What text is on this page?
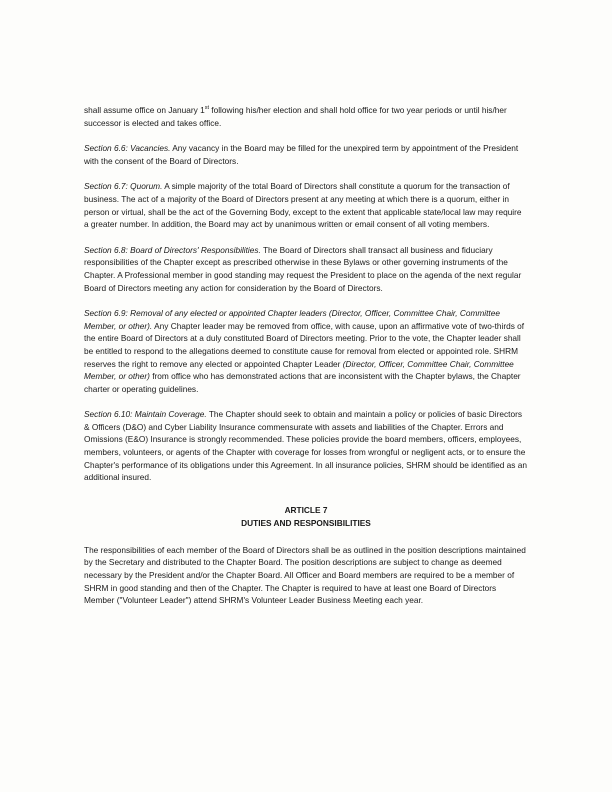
shall assume office on January 1st following his/her election and shall hold office for two year periods or until his/her successor is elected and takes office.

Section 6.6: Vacancies. Any vacancy in the Board may be filled for the unexpired term by appointment of the President with the consent of the Board of Directors.

Section 6.7: Quorum. A simple majority of the total Board of Directors shall constitute a quorum for the transaction of business. The act of a majority of the Board of Directors present at any meeting at which there is a quorum, either in person or virtual, shall be the act of the Governing Body, except to the extent that applicable state/local law may require a greater number. In addition, the Board may act by unanimous written or email consent of all voting members.

Section 6.8: Board of Directors' Responsibilities. The Board of Directors shall transact all business and fiduciary responsibilities of the Chapter except as prescribed otherwise in these Bylaws or other governing instruments of the Chapter. A Professional member in good standing may request the President to place on the agenda of the next regular Board of Directors meeting any action for consideration by the Board of Directors.

Section 6.9: Removal of any elected or appointed Chapter leaders (Director, Officer, Committee Chair, Committee Member, or other). Any Chapter leader may be removed from office, with cause, upon an affirmative vote of two-thirds of the entire Board of Directors at a duly constituted Board of Directors meeting. Prior to the vote, the Chapter leader shall be entitled to respond to the allegations deemed to constitute cause for removal from elected or appointed role. SHRM reserves the right to remove any elected or appointed Chapter Leader (Director, Officer, Committee Chair, Committee Member, or other) from office who has demonstrated actions that are inconsistent with the Chapter bylaws, the Chapter charter or operating guidelines.

Section 6.10: Maintain Coverage. The Chapter should seek to obtain and maintain a policy or policies of basic Directors & Officers (D&O) and Cyber Liability Insurance commensurate with assets and liabilities of the Chapter. Errors and Omissions (E&O) Insurance is strongly recommended. These policies provide the board members, officers, employees, members, volunteers, or agents of the Chapter with coverage for losses from wrongful or negligent acts, or to ensure the Chapter's performance of its obligations under this Agreement. In all insurance policies, SHRM should be identified as an additional insured.

ARTICLE 7
DUTIES AND RESPONSIBILITIES

The responsibilities of each member of the Board of Directors shall be as outlined in the position descriptions maintained by the Secretary and distributed to the Chapter Board. The position descriptions are subject to change as deemed necessary by the President and/or the Chapter Board. All Officer and Board members are required to be a member of SHRM in good standing and then of the Chapter. The Chapter is required to have at least one Board of Directors Member ("Volunteer Leader") attend SHRM's Volunteer Leader Business Meeting each year.
